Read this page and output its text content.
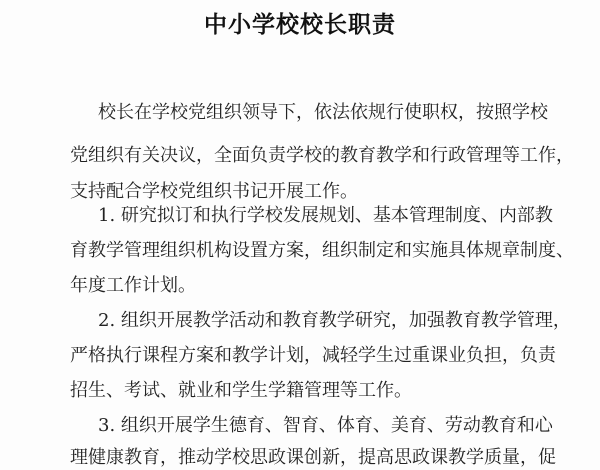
中小学校校长职责
校长在学校党组织领导下，依法依规行使职权，按照学校
党组织有关决议，全面负责学校的教育教学和行政管理等工作，
支持配合学校党组织书记开展工作。
1. 研究拟订和执行学校发展规划、基本管理制度、内部教
育教学管理组织机构设置方案，组织制定和实施具体规章制度、
年度工作计划。
2. 组织开展教学活动和教育教学研究，加强教育教学管理，
严格执行课程方案和教学计划，减轻学生过重课业负担，负责
招生、考试、就业和学生学籍管理等工作。
3. 组织开展学生德育、智育、体育、美育、劳动教育和心
理健康教育，推动学校思政课创新，提高思政课教学质量，促
